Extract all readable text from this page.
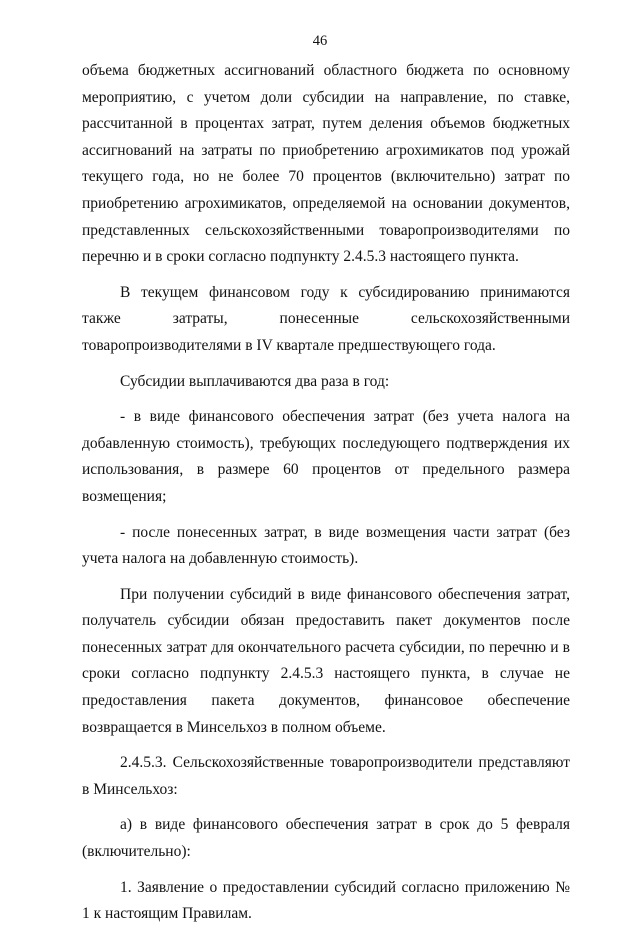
46

объема бюджетных ассигнований областного бюджета по основному мероприятию, с учетом доли субсидии на направление, по ставке, рассчитанной в процентах затрат, путем деления объемов бюджетных ассигнований на затраты по приобретению агрохимикатов под урожай текущего года, но не более 70 процентов (включительно) затрат по приобретению агрохимикатов, определяемой на основании документов, представленных сельскохозяйственными товаропроизводителями по перечню и в сроки согласно подпункту 2.4.5.3 настоящего пункта.

В текущем финансовом году к субсидированию принимаются также затраты, понесенные сельскохозяйственными товаропроизводителями в IV квартале предшествующего года.

Субсидии выплачиваются два раза в год:

- в виде финансового обеспечения затрат (без учета налога на добавленную стоимость), требующих последующего подтверждения их использования, в размере 60 процентов от предельного размера возмещения;

- после понесенных затрат, в виде возмещения части затрат (без учета налога на добавленную стоимость).

При получении субсидий в виде финансового обеспечения затрат, получатель субсидии обязан предоставить пакет документов после понесенных затрат для окончательного расчета субсидии, по перечню и в сроки согласно подпункту 2.4.5.3 настоящего пункта, в случае не предоставления пакета документов, финансовое обеспечение возвращается в Минсельхоз в полном объеме.

2.4.5.3. Сельскохозяйственные товаропроизводители представляют в Минсельхоз:

а) в виде финансового обеспечения затрат в срок до 5 февраля (включительно):

1. Заявление о предоставлении субсидий согласно приложению № 1 к настоящим Правилам.
